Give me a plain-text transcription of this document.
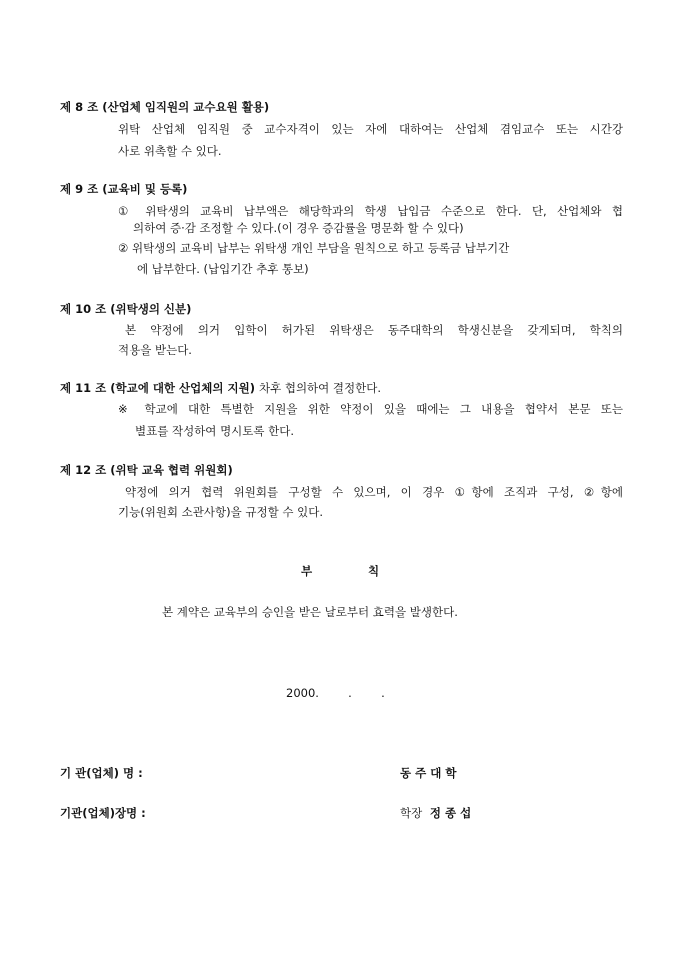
제 8 조 (산업체 임직원의 교수요원 활용)
위탁 산업체 임직원 중 교수자격이 있는 자에 대하여는 산업체 겸임교수 또는 시간강
사로 위촉할 수 있다.
제 9 조 (교육비 및 등록)
① 위탁생의 교육비 납부액은 해당학과의 학생 납입금 수준으로 한다. 단, 산업체와 협
의하여 증·감 조정할 수 있다.(이 경우 증감률을 명문화 할 수 있다)
② 위탁생의 교육비 납부는 위탁생 개인 부담을 원칙으로 하고 등록금 납부기간
에 납부한다. (납입기간 추후 통보)
제 10 조 (위탁생의 신분)
본 약정에 의거 입학이 허가된 위탁생은 동주대학의 학생신분을 갖게되며, 학칙의
적용을 받는다.
제 11 조 (학교에 대한 산업체의 지원) 차후 협의하여 결정한다.
※ 학교에 대한 특별한 지원을 위한 약정이 있을 때에는 그 내용을 협약서 본문 또는
별표를 작성하여 명시토록 한다.
제 12 조 (위탁 교육 협력 위원회)
약정에 의거 협력 위원회를 구성할 수 있으며, 이 경우 ①항에 조직과 구성, ②항에
기능(위원회 소관사항)을 규정할 수 있다.
부	칙
본 계약은 교육부의 승인을 받은 날로부터 효력을 발생한다.
2000.        .        .
기 관(업체) 명 :	동 주 대 학
기관(업체)장명 :	학장 정 종 섭
